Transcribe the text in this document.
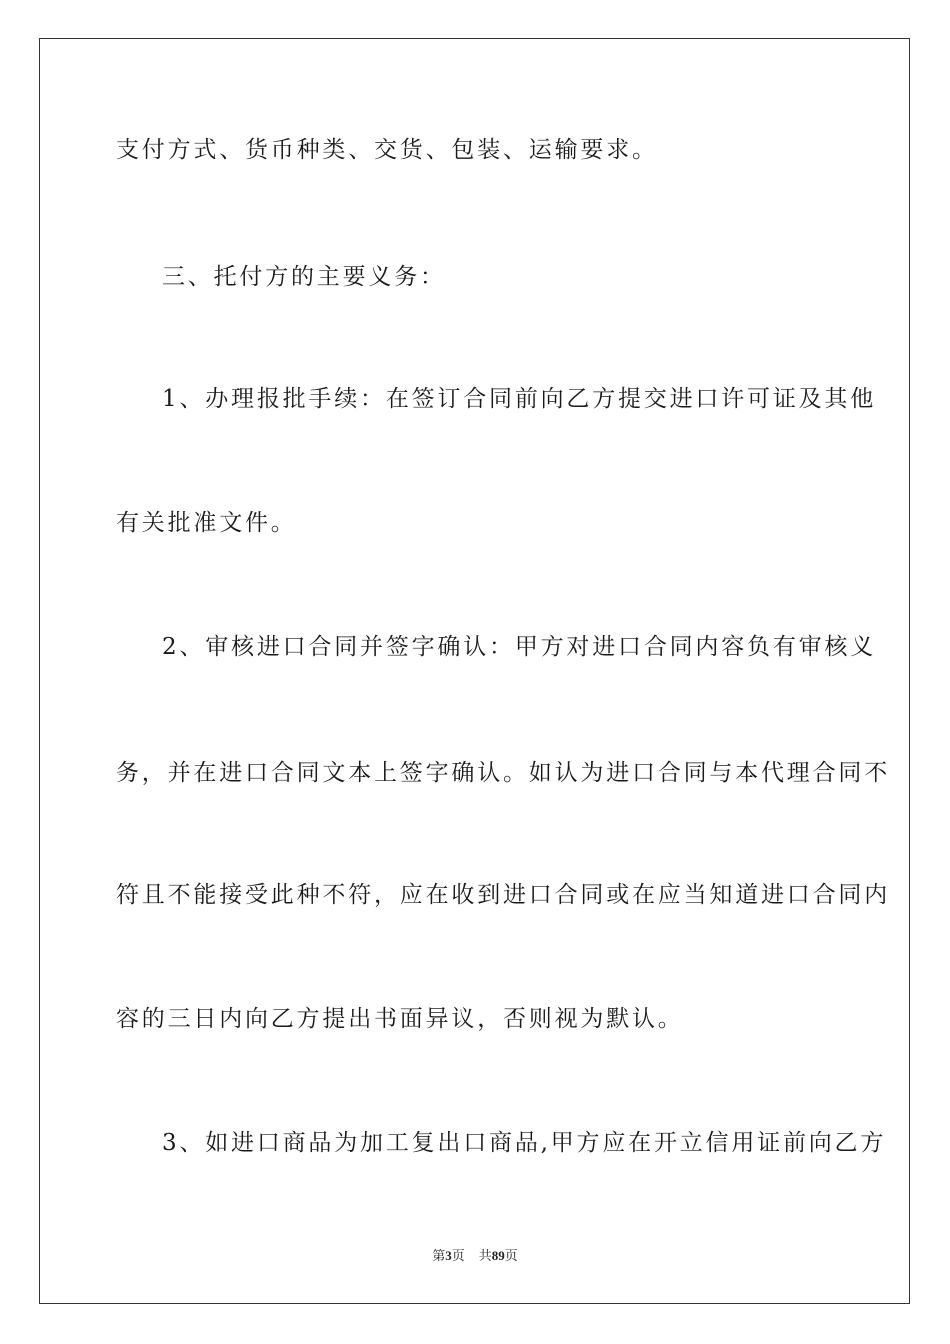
支付方式、货币种类、交货、包装、运输要求。
三、托付方的主要义务：
1、办理报批手续：在签订合同前向乙方提交进口许可证及其他
有关批准文件。
2、审核进口合同并签字确认：甲方对进口合同内容负有审核义
务，并在进口合同文本上签字确认。如认为进口合同与本代理合同不
符且不能接受此种不符，应在收到进口合同或在应当知道进口合同内
容的三日内向乙方提出书面异议，否则视为默认。
3、如进口商品为加工复出口商品,甲方应在开立信用证前向乙方
第3页 共89页
